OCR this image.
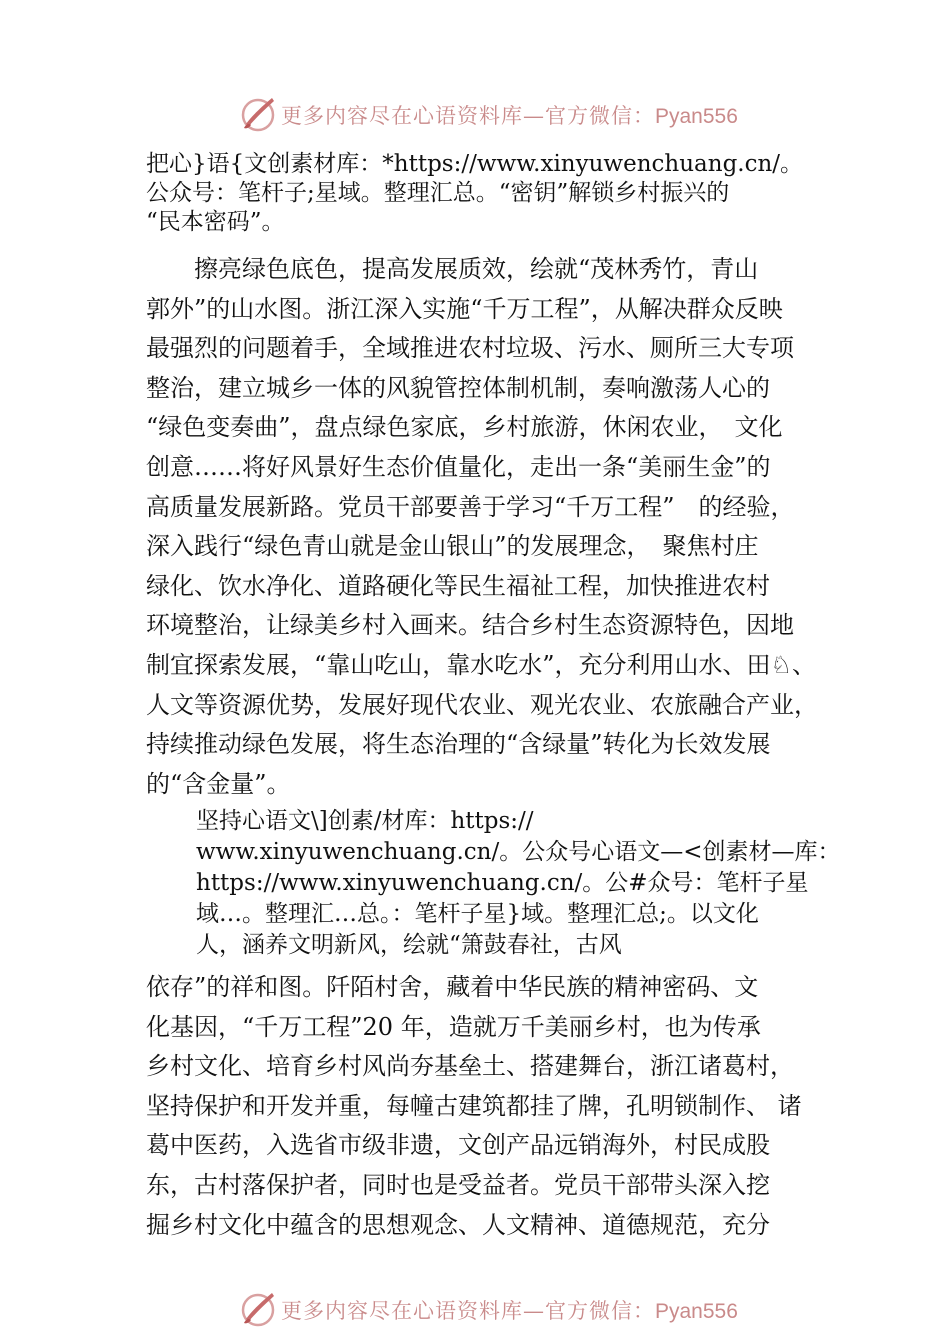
更多内容尽在心语资料库—官方微信：Pyan556
把心}语{文创素材库：*https://www.xinyuwenchuang.cn/。
公众号：笔杆子;星域。整理汇总。“密钥”解锁乡村振兴的
“民本密码”。
　　擦亮绿色底色，提高发展质效，绘就“茂林秀竹，青山
郭外”的山水图。浙江深入实施“千万工程”，从解决群众反映
最强烈的问题着手，全域推进农村垃圾、污水、厕所三大专项
整治，建立城乡一体的风貌管控体制机制，奏响激荡人心的
“绿色变奏曲”，盘点绿色家底，乡村旅游，休闲农业，　文化
创意……将好风景好生态价值量化，走出一条“美丽生金”的
高质量发展新路。党员干部要善于学习“千万工程”　的经验，
深入践行“绿色青山就是金山银山”的发展理念，　聚焦村庄
绿化、饮水净化、道路硬化等民生福祉工程，加快推进农村
环境整治，让绿美乡村入画来。结合乡村生态资源特色，因地
制宜探索发展，“靠山吃山，靠水吃水”，充分利用山水、田♘、
人文等资源优势，发展好现代农业、观光农业、农旅融合产业，
持续推动绿色发展，将生态治理的“含绿量”转化为长效发展
的“含金量”。
坚持心语文\]创素/材库：https://
www.xinyuwenchuang.cn/。公众号心语文—<创素材—库：
https://www.xinyuwenchuang.cn/。公#众号：笔杆子星
域…。整理汇…总。：笔杆子星}域。整理汇总;。以文化
人，涵养文明新风，绘就“箫鼓春社，古风
依存”的祥和图。阡陌村舍，藏着中华民族的精神密码、文
化基因，“千万工程”20 年，造就万千美丽乡村，也为传承
乡村文化、培育乡村风尚夯基垒土、搭建舞台，浙江诸葛村，
坚持保护和开发并重，每幢古建筑都挂了牌，孔明锁制作、 诸
葛中医药，入选省市级非遗，文创产品远销海外，村民成股
东，古村落保护者，同时也是受益者。党员干部带头深入挖
掘乡村文化中蕴含的思想观念、人文精神、道德规范，充分
更多内容尽在心语资料库—官方微信：Pyan556
